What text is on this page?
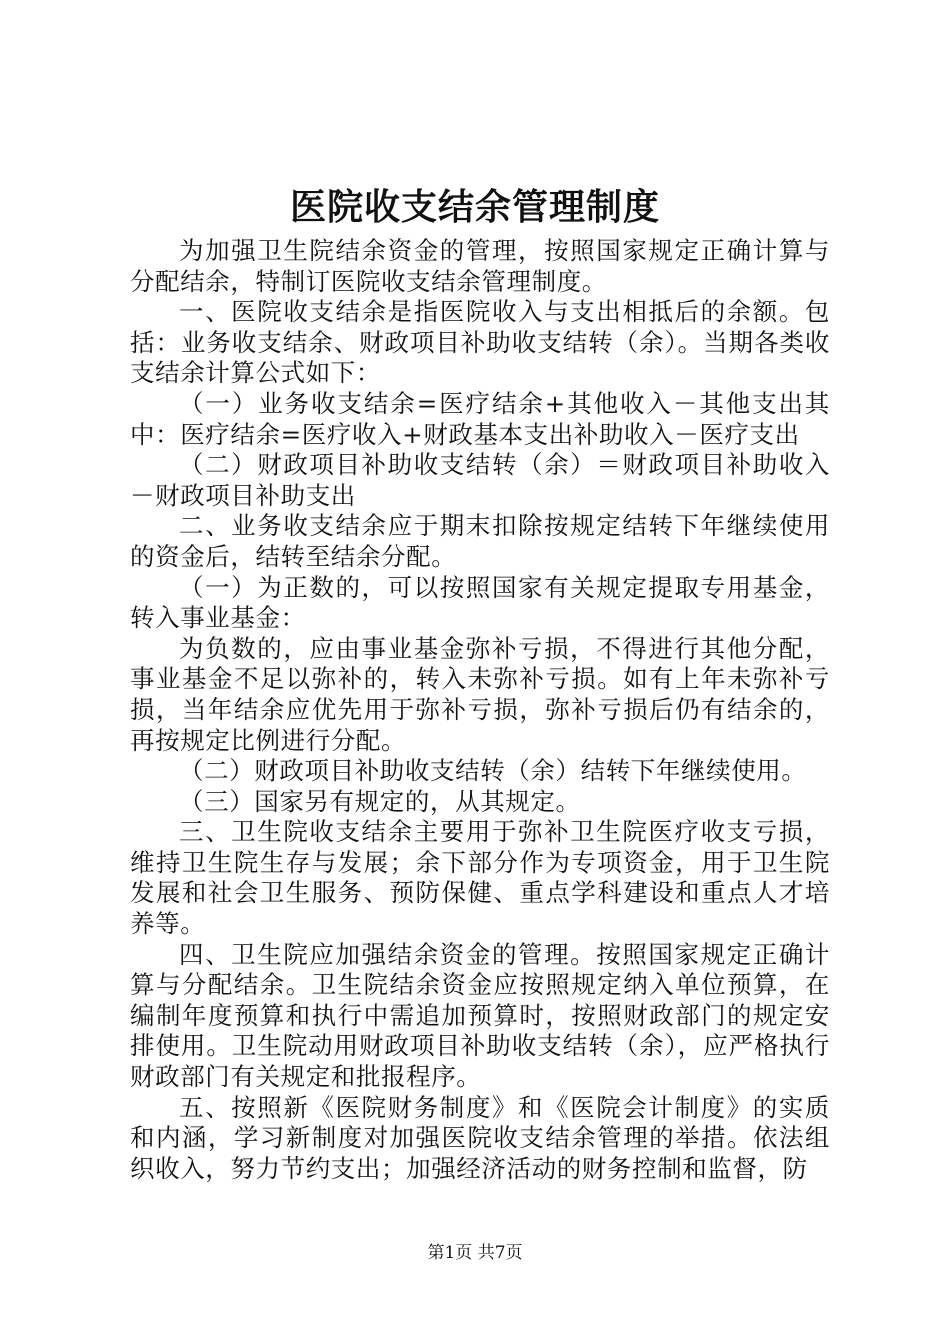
医院收支结余管理制度

为加强卫生院结余资金的管理，按照国家规定正确计算与分配结余，特制订医院收支结余管理制度。

一、医院收支结余是指医院收入与支出相抵后的余额。包括：业务收支结余、财政项目补助收支结转（余）。当期各类收支结余计算公式如下：

（一）业务收支结余=医疗结余+其他收入－其他支出其中：医疗结余=医疗收入+财政基本支出补助收入－医疗支出

（二）财政项目补助收支结转（余）＝财政项目补助收入－财政项目补助支出

二、业务收支结余应于期末扣除按规定结转下年继续使用的资金后，结转至结余分配。

（一）为正数的，可以按照国家有关规定提取专用基金，转入事业基金：

为负数的，应由事业基金弥补亏损，不得进行其他分配，事业基金不足以弥补的，转入未弥补亏损。如有上年未弥补亏损，当年结余应优先用于弥补亏损，弥补亏损后仍有结余的，再按规定比例进行分配。

（二）财政项目补助收支结转（余）结转下年继续使用。

（三）国家另有规定的，从其规定。

三、卫生院收支结余主要用于弥补卫生院医疗收支亏损，维持卫生院生存与发展；余下部分作为专项资金，用于卫生院发展和社会卫生服务、预防保健、重点学科建设和重点人才培养等。

四、卫生院应加强结余资金的管理。按照国家规定正确计算与分配结余。卫生院结余资金应按照规定纳入单位预算，在编制年度预算和执行中需追加预算时，按照财政部门的规定安排使用。卫生院动用财政项目补助收支结转（余），应严格执行财政部门有关规定和批报程序。

五、按照新《医院财务制度》和《医院会计制度》的实质和内涵，学习新制度对加强医院收支结余管理的举措。依法组织收入，努力节约支出；加强经济活动的财务控制和监督，防

第1页 共7页
